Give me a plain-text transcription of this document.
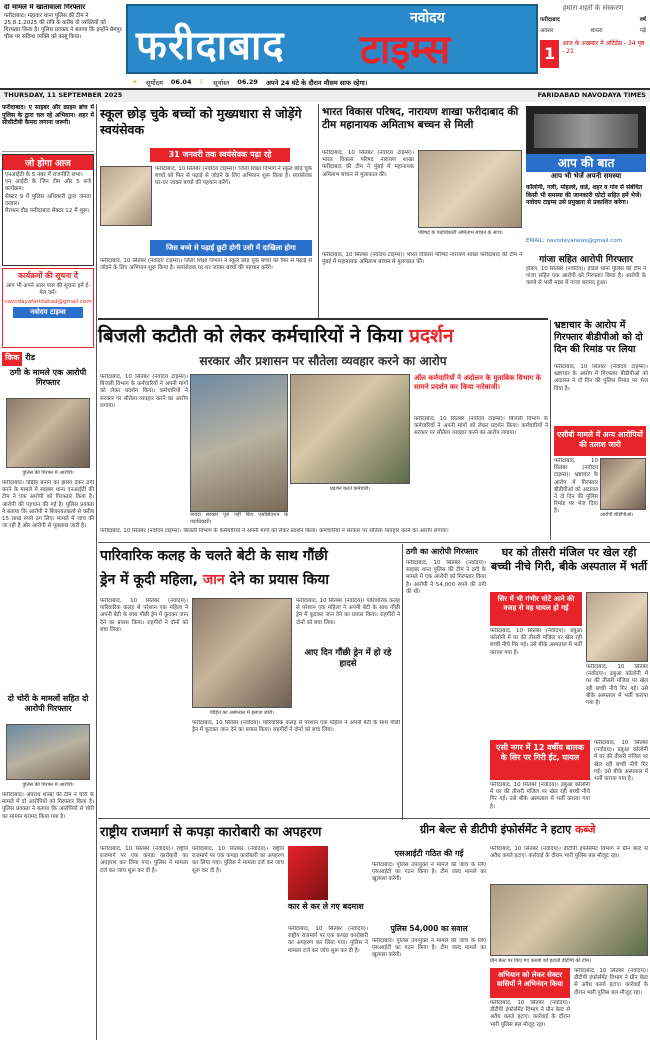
दो मामले में खातावाला गिरफ्तार
फरीदाबाद। महावार थाना पुलिस की टीम ने 25.8.1.2025 की रात्रि के करीब वो व्यक्तियों को गिरफ्तार किया है। पुलिस प्रवक्ता ने बताया कि इन्होंने प्रेमपुर चौक पर संदिग्ध व्यक्ति को काबू किया।
नवोदय
फरीदाबाद टाइम्स
हमारा शहरों के संस्करण
फरीदाबाद	वर्ष
अवसर	शायरा	पढ़ें
1
आज के अखबार में अटिंडेंस - 34 पृष्ठ - 21
☀ सूर्योदय 06.04 ☾ सूर्यास्त 06.29 अपने 24 घंटे के दौरान मौसम साफ रहेगा।
THURSDAY, 11 SEPTEMBER 2025	FARIDABAD NAVODAYA TIMES
फरीदाबाद। ए साइबर और क्राइम ब्रांच में पुलिस के द्वारा चल रहे अभियान। शहर में सीसीटीवी कैमरा लगाना जरूरी।
जो होगा आज
एनआईटी के 5 नंबर में राजनीति सभा।
एन आईटी के जिन टीम और 5 बजे कार्यक्रम।
सेक्टर 9 में पुलिस अधिकारी द्वारा जनता दरबार।
मैराथन दौड़ फरीदाबाद सेक्टर 12 में शुरू।
कार्यक्रमों की सूचना दें
आप भी अपने आस पास की सूचना हमें ई-मेल करें।
navodayafaridabad@gmail.com
नवोदय टाइम्स
किक रीड
ठगी के मामले एक आरोपी गिरफ्तार
पुलिस की गिरफ्त में आरोपी।
फरीदाबाद। डिग्रीह बनाने का झांसा देकर ठगी करने के मामले में साइबर थाना एनआईटी की टीम ने एक आरोपी को गिरफ्तार किया है। आरोपी की पहचान की गई है। पुलिस प्रवक्ता ने बताया कि आरोपी ने शिकायतकर्ता से करीब 15 लाख रुपये ठग लिए। मामले में जांच की जा रही है और आरोपी से पूछताछ जारी है।
दो चोरी के मामलों सहित दो आरोपी गिरफ्तार
पुलिस की गिरफ्त में आरोपी।
फरीदाबाद। अपराध शाखा की टीम ने चोरी के मामले में दो आरोपियों को गिरफ्तार किया है। पुलिस प्रवक्ता ने बताया कि आरोपियों से चोरी का सामान बरामद किया गया है।
स्कूल छोड़ चुके बच्चों को मुख्यधारा से जोड़ेंगे स्वयंसेवक
31 जनवरी तक स्वयंसेवक पढ़ा रहे
फरीदाबाद, 10 सितंबर (नवोदय टाइम्स)। जिला शिक्षा विभाग ने स्कूल छोड़ चुके बच्चों को फिर से पढ़ाई से जोड़ने के लिए अभियान शुरू किया है। स्वयंसेवक घर-घर जाकर बच्चों की पहचान करेंगे।
जिस बच्चे से पढ़ाई छूटी होगी उसी में दाखिला होगा
फरीदाबाद, 10 सितंबर (नवोदय टाइम्स)। जिला शिक्षा विभाग ने स्कूल छोड़ चुके बच्चों को फिर से पढ़ाई से जोड़ने के लिए अभियान शुरू किया है। स्वयंसेवक घर-घर जाकर बच्चों की पहचान करेंगे।
भारत विकास परिषद, नारायण शाखा फरीदाबाद की टीम महानायक अमिताभ बच्चन से मिली
फरीदाबाद, 10 सितंबर (नवोदय टाइम्स)। भारत विकास परिषद नारायण शाखा फरीदाबाद की टीम ने मुंबई में महानायक अमिताभ बच्चन से मुलाकात की।
परिषद के पदाधिकारी अमिताभ बच्चन के साथ।
फरीदाबाद, 10 सितंबर (नवोदय टाइम्स)। भारत विकास परिषद नारायण शाखा फरीदाबाद की टीम ने मुंबई में महानायक अमिताभ बच्चन से मुलाकात की।
आप की बात
आप भी भेजें अपनी समस्या
कॉलोनी, गली, मोहल्ले, वार्ड, शहर व गांव से संबंधित किसी भी समस्या की जानकारी फोटो सहित हमें भेजें। नवोदय टाइम्स उसे प्रमुखता से प्रकाशित करेगा।
EMAIL: navodayanews@gmail.com
गांजा सहित आरोपी गिरफ्तार
होडल, 10 सितंबर (नवोदय)। होडल थाना पुलिस की टीम ने गांजा सहित एक आरोपी को गिरफ्तार किया है। आरोपी के कब्जे से भारी मात्रा में गांजा बरामद हुआ।
बिजली कटौती को लेकर कर्मचारियों ने किया प्रदर्शन
सरकार और प्रशासन पर सौतेला व्यवहार करने का आरोप
फरीदाबाद, 10 सितंबर (नवोदय टाइम्स)। बिजली विभाग के कर्मचारियों ने अपनी मांगों को लेकर प्रदर्शन किया। कर्मचारियों ने सरकार पर सौतेला व्यवहार करने का आरोप लगाया।
वायदा सरकार पूरा नहीं किए एसोसिएशन के पदाधिकारी।
प्रदर्शन करते कर्मचारी।
ऑल कर्मचारियों ने अंदोलन के मुताबिक विभाग के सामने प्रदर्शन कर किया नारेबाजी।
फरीदाबाद, 10 सितंबर (नवोदय टाइम्स)। बिजली विभाग के कर्मचारियों ने अपनी मांगों को लेकर प्रदर्शन किया। कर्मचारियों ने सरकार पर सौतेला व्यवहार करने का आरोप लगाया।
फरीदाबाद, 10 सितंबर (नवोदय टाइम्स)। बिजली विभाग के कर्मचारियों ने अपनी मांगों को लेकर प्रदर्शन किया। कर्मचारियों ने सरकार पर सौतेला व्यवहार करने का आरोप लगाया।
भ्रष्टाचार के आरोप में गिरफ्तार बीडीपीओ को दो दिन की रिमांड पर लिया
फरीदाबाद, 10 सितंबर (नवोदय टाइम्स)। भ्रष्टाचार के आरोप में गिरफ्तार बीडीपीओ को अदालत ने दो दिन की पुलिस रिमांड पर भेज दिया है।
एसीबी मामले में अन्य आरोपियों की तलाश जारी
फरीदाबाद, 10 सितंबर (नवोदय टाइम्स)। भ्रष्टाचार के आरोप में गिरफ्तार बीडीपीओ को अदालत ने दो दिन की पुलिस रिमांड पर भेज दिया है।
आरोपी बीडीपीओ।
पारिवारिक कलह के चलते बेटी के साथ गौंछी
ड्रेन में कूदी महिला, जान देने का प्रयास किया
फरीदाबाद, 10 सितंबर (नवोदय)। पारिवारिक कलह से परेशान एक महिला ने अपनी बेटी के साथ गौंछी ड्रेन में कूदकर जान देने का प्रयास किया। राहगीरों ने दोनों को बचा लिया।
पीड़ित का अस्पताल में इलाज जारी।
फरीदाबाद, 10 सितंबर (नवोदय)। पारिवारिक कलह से परेशान एक महिला ने अपनी बेटी के साथ गौंछी ड्रेन में कूदकर जान देने का प्रयास किया। राहगीरों ने दोनों को बचा लिया।
आए दिन गौंछी ड्रेन में हो रहे हादसे
फरीदाबाद, 10 सितंबर (नवोदय)। पारिवारिक कलह से परेशान एक महिला ने अपनी बेटी के साथ गौंछी ड्रेन में कूदकर जान देने का प्रयास किया। राहगीरों ने दोनों को बचा लिया।
ठगी का आरोपी गिरफ्तार
फरीदाबाद, 10 सितंबर (नवोदय)। साइबर थाना पुलिस की टीम ने ठगी के मामले में एक आरोपी को गिरफ्तार किया है। आरोपी ने 54,000 रुपये की ठगी की थी।
घर को तीसरी मंजिल पर खेल रही
बच्ची नीचे गिरी, बीके अस्पताल में भर्ती
सिर में भी गंभीर चोटें आने की वजह से वह घायल हो गई
फरीदाबाद, 10 सितंबर (नवोदय)। डबुआ कॉलोनी में घर की तीसरी मंजिल पर खेल रही बच्ची नीचे गिर गई। उसे बीके अस्पताल में भर्ती कराया गया है।
फरीदाबाद, 10 सितंबर (नवोदय)। डबुआ कॉलोनी में घर की तीसरी मंजिल पर खेल रही बच्ची नीचे गिर गई। उसे बीके अस्पताल में भर्ती कराया गया है।
एसी नगर में 12 वर्षीय बालक के सिर पर गिरी ईंट, घायल
फरीदाबाद, 10 सितंबर (नवोदय)। डबुआ कॉलोनी में घर की तीसरी मंजिल पर खेल रही बच्ची नीचे गिर गई। उसे बीके अस्पताल में भर्ती कराया गया है।
फरीदाबाद, 10 सितंबर (नवोदय)। डबुआ कॉलोनी में घर की तीसरी मंजिल पर खेल रही बच्ची नीचे गिर गई। उसे बीके अस्पताल में भर्ती कराया गया है।
राष्ट्रीय राजमार्ग से कपड़ा कारोबारी का अपहरण
फरीदाबाद, 10 सितंबर (नवोदय)। राष्ट्रीय राजमार्ग पर एक कपड़ा कारोबारी का अपहरण कर लिया गया। पुलिस ने मामला दर्ज कर जांच शुरू कर दी है।
फरीदाबाद, 10 सितंबर (नवोदय)। राष्ट्रीय राजमार्ग पर एक कपड़ा कारोबारी का अपहरण कर लिया गया। पुलिस ने मामला दर्ज कर जांच शुरू कर दी है।
कार से कर ले गए बदमाश
फरीदाबाद, 10 सितंबर (नवोदय)। राष्ट्रीय राजमार्ग पर एक कपड़ा कारोबारी का अपहरण कर लिया गया। पुलिस ने मामला दर्ज कर जांच शुरू कर दी है।
एसआईटी गठित की गई
फरीदाबाद। पुलिस उपायुक्त ने मामले की जांच के लिए एसआईटी का गठन किया है। टीम जल्द मामले का खुलासा करेगी।
पुलिस 54,000 का सवाल
फरीदाबाद। पुलिस उपायुक्त ने मामले की जांच के लिए एसआईटी का गठन किया है। टीम जल्द मामले का खुलासा करेगी।
ग्रीन बेल्ट से डीटीपी इंफोर्समेंट ने हटाए कब्जे
फरीदाबाद, 10 सितंबर (नवोदय)। डीटीपी इंफोर्समेंट विभाग ने ग्रीन बेल्ट से अवैध कब्जे हटाए। कार्रवाई के दौरान भारी पुलिस बल मौजूद रहा।
ग्रीन बेल्ट पर किए गए कब्जों को हटाती डीटीपी की टीम।
अभियान को लेकर सेक्टर वासियों ने अभिनंदन किया
फरीदाबाद, 10 सितंबर (नवोदय)। डीटीपी इंफोर्समेंट विभाग ने ग्रीन बेल्ट से अवैध कब्जे हटाए। कार्रवाई के दौरान भारी पुलिस बल मौजूद रहा।
फरीदाबाद, 10 सितंबर (नवोदय)। डीटीपी इंफोर्समेंट विभाग ने ग्रीन बेल्ट से अवैध कब्जे हटाए। कार्रवाई के दौरान भारी पुलिस बल मौजूद रहा।
